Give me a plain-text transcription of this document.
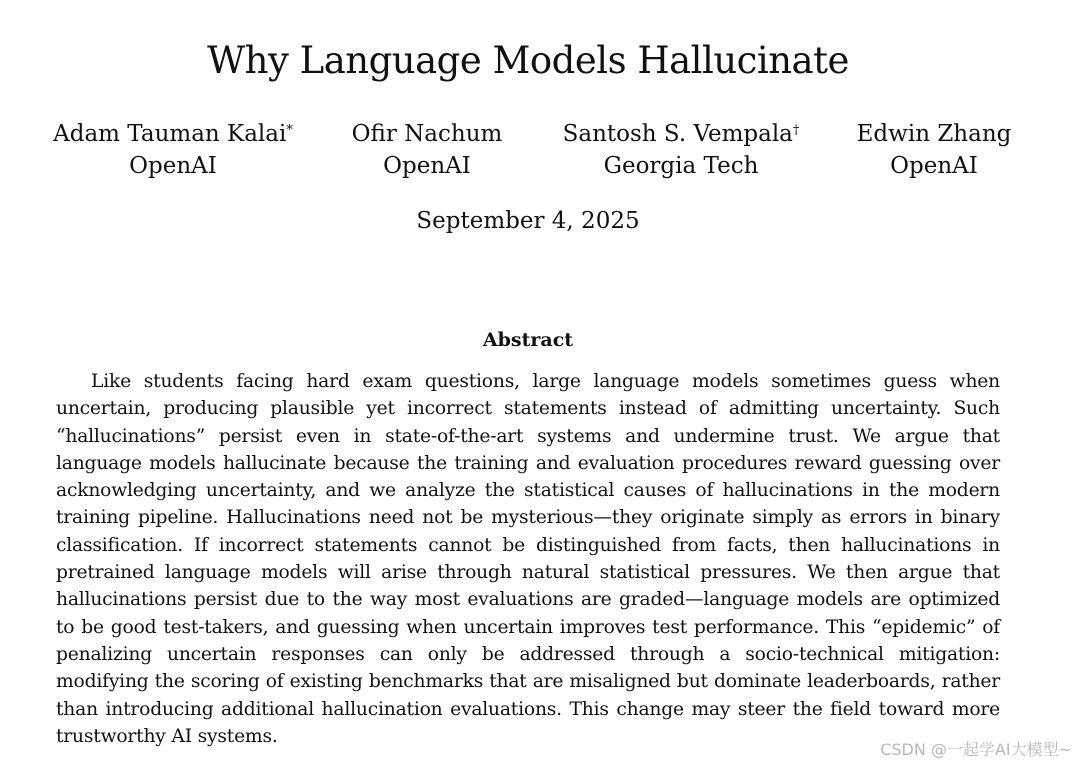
Why Language Models Hallucinate
Adam Tauman Kalai*
OpenAI
Ofir Nachum
OpenAI
Santosh S. Vempala†
Georgia Tech
Edwin Zhang
OpenAI
September 4, 2025
Abstract

Like students facing hard exam questions, large language models sometimes guess when uncertain, producing plausible yet incorrect statements instead of admitting uncertainty. Such “hallucinations” persist even in state-of-the-art systems and undermine trust. We argue that language models hallucinate because the training and evaluation procedures reward guessing over acknowledging uncertainty, and we analyze the statistical causes of hallucinations in the modern training pipeline. Hallucinations need not be mysterious—they originate simply as errors in binary classification. If incorrect statements cannot be distinguished from facts, then hallucinations in pretrained language models will arise through natural statistical pressures. We then argue that hallucinations persist due to the way most evaluations are graded—language models are optimized to be good test-takers, and guessing when uncertain improves test performance. This “epidemic” of penalizing uncertain responses can only be addressed through a socio-technical mitigation: modifying the scoring of existing benchmarks that are misaligned but dominate leaderboards, rather than introducing additional hallucination evaluations. This change may steer the field toward more trustworthy AI systems.

CSDN @一起学AI大模型~
